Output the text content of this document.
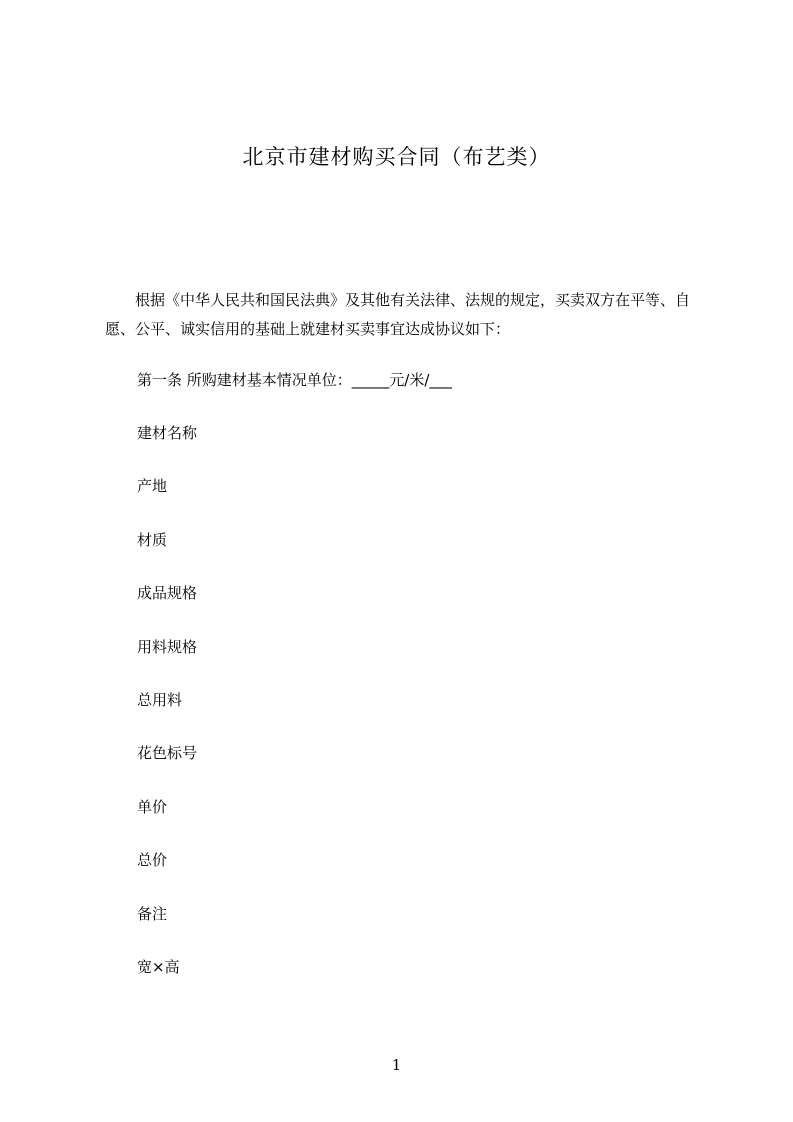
北京市建材购买合同（布艺类）

根据《中华人民共和国民法典》及其他有关法律、法规的规定，买卖双方在平等、自愿、公平、诚实信用的基础上就建材买卖事宜达成协议如下：

第一条 所购建材基本情况单位：_____元/米/___
建材名称
产地
材质
成品规格
用料规格
总用料
花色标号
单价
总价
备注
宽×高
1
